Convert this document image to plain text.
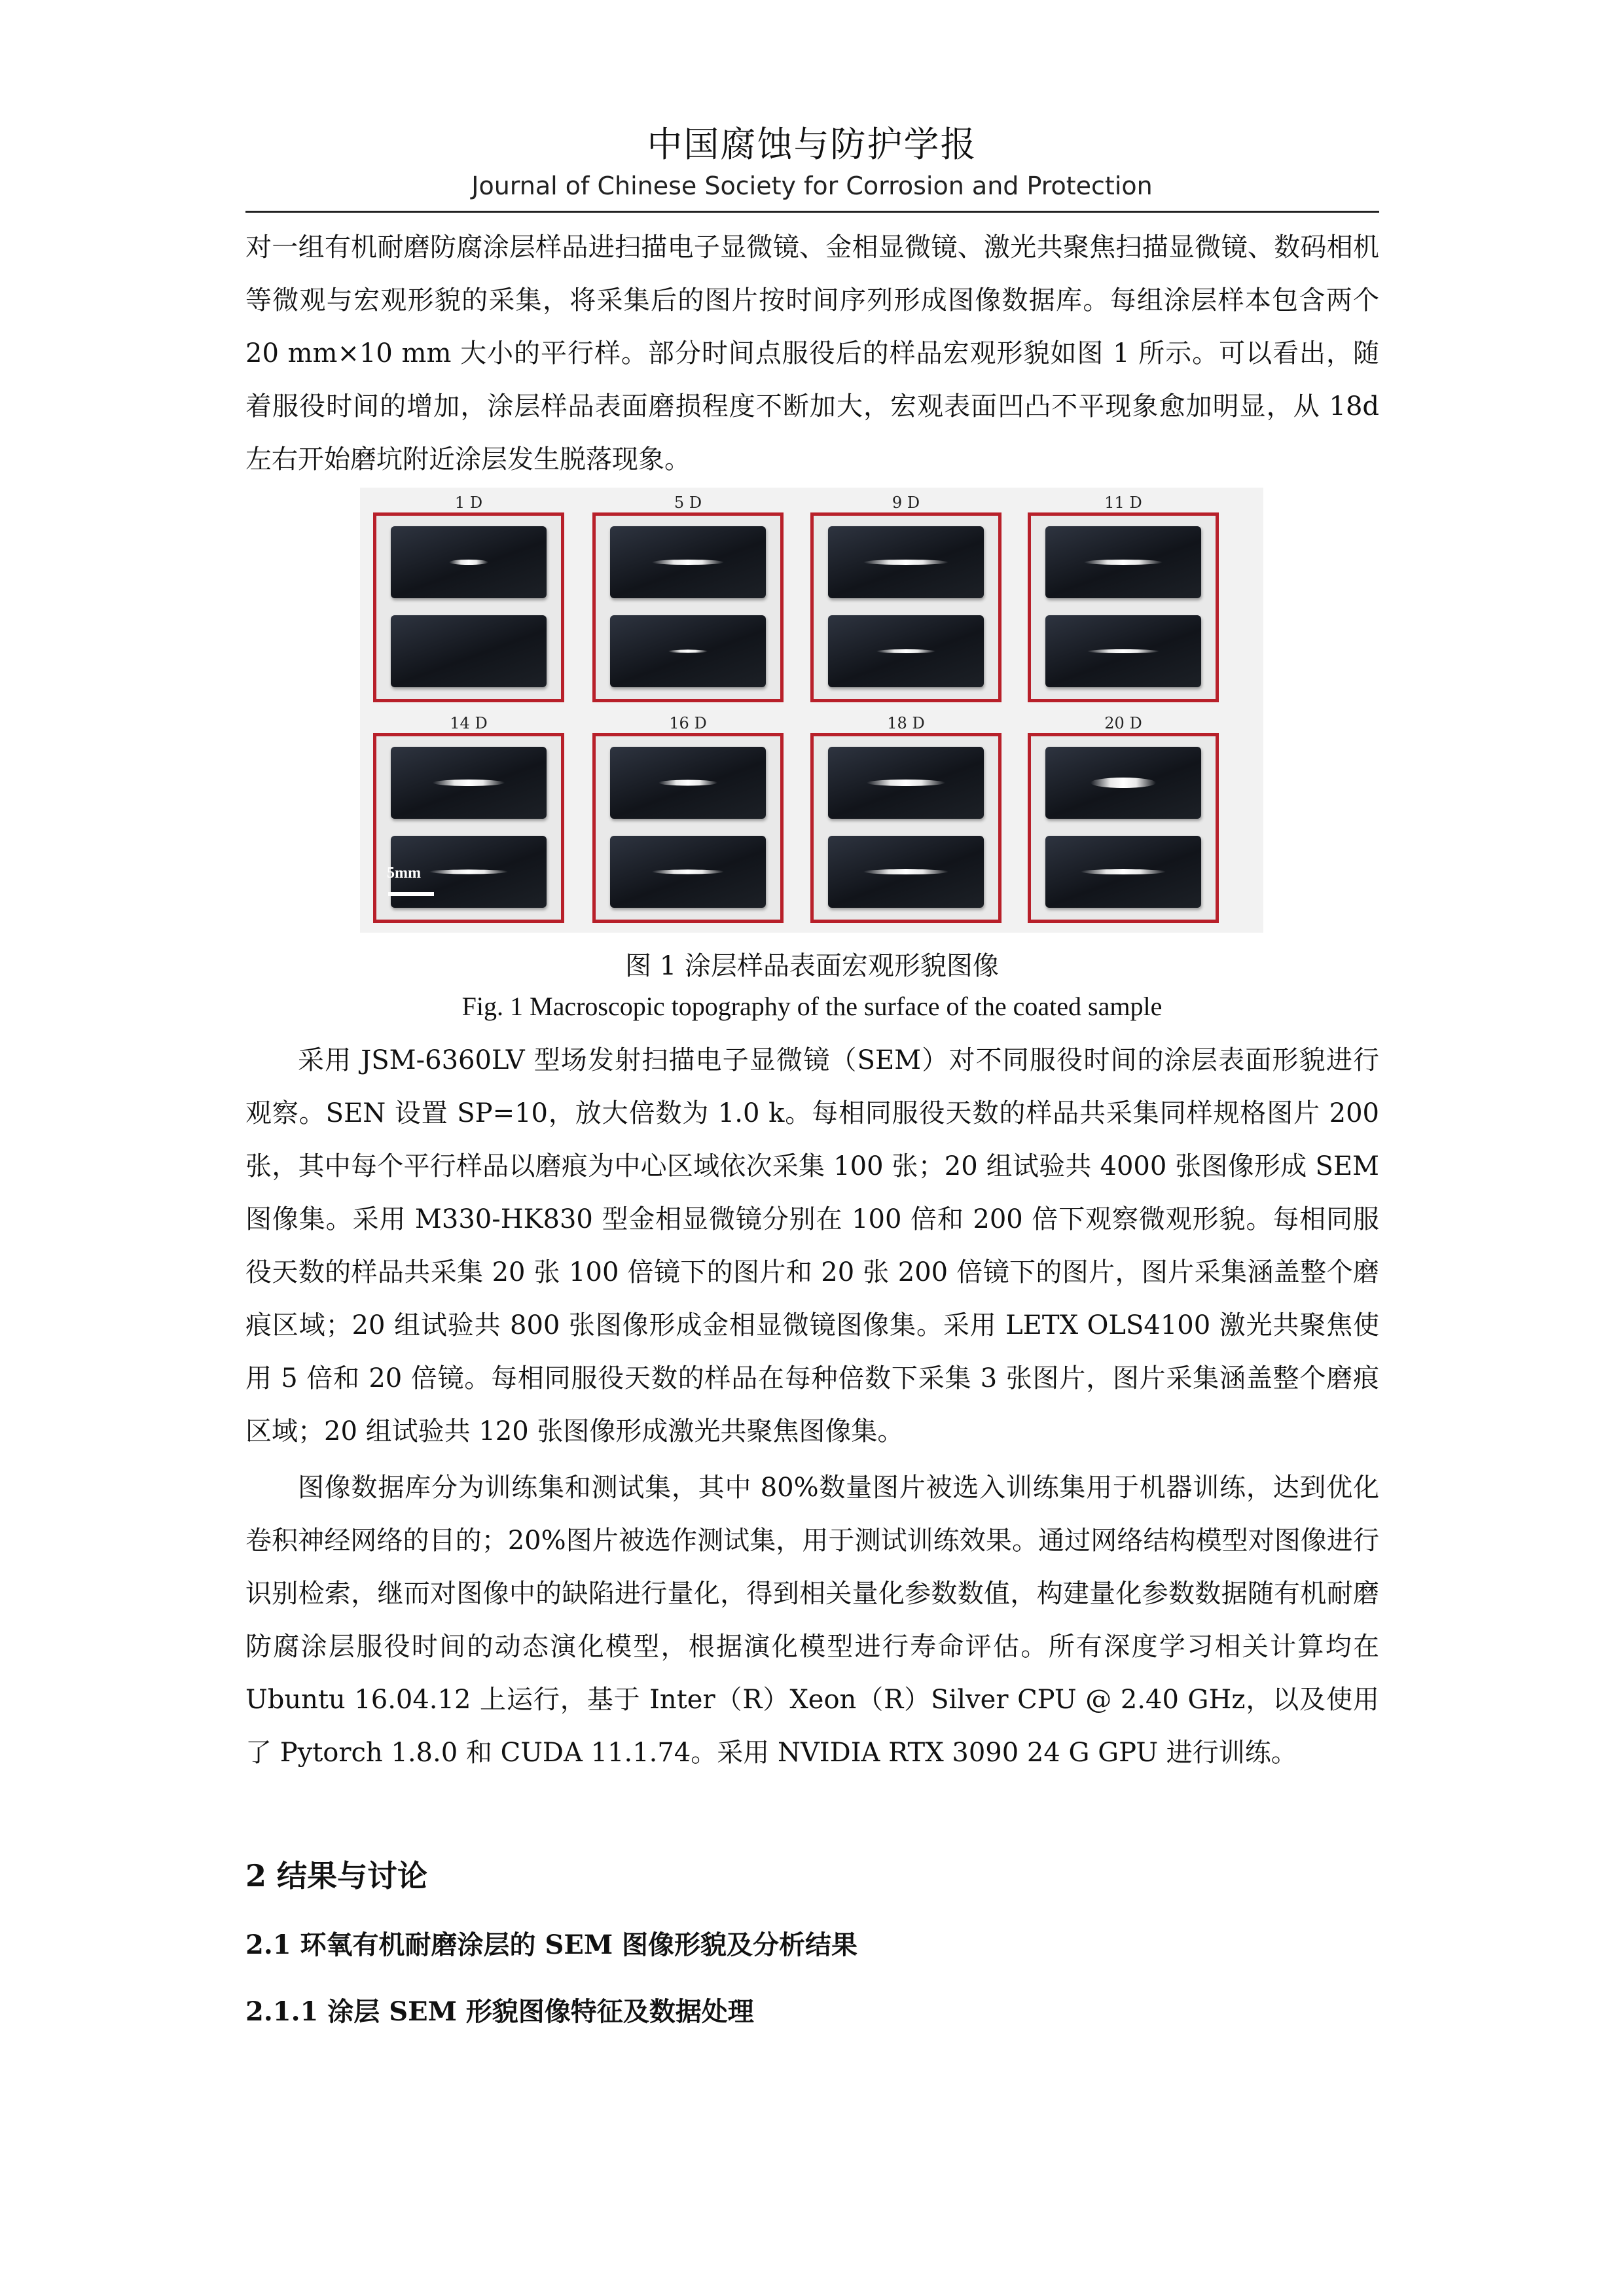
中国腐蚀与防护学报
Journal of Chinese Society for Corrosion and Protection

对一组有机耐磨防腐涂层样品进扫描电子显微镜、金相显微镜、激光共聚焦扫描显微镜、数码相机等微观与宏观形貌的采集，将采集后的图片按时间序列形成图像数据库。每组涂层样本包含两个 20 mm×10 mm 大小的平行样。部分时间点服役后的样品宏观形貌如图 1 所示。可以看出，随着服役时间的增加，涂层样品表面磨损程度不断加大，宏观表面凹凸不平现象愈加明显，从 18d 左右开始磨坑附近涂层发生脱落现象。

1 D	5 D	9 D	11 D
14 D
5mm
16 D	18 D	20 D
图 1 涂层样品表面宏观形貌图像
Fig. 1 Macroscopic topography of the surface of the coated sample

采用 JSM-6360LV 型场发射扫描电子显微镜（SEM）对不同服役时间的涂层表面形貌进行观察。SEN 设置 SP=10，放大倍数为 1.0 k。每相同服役天数的样品共采集同样规格图片 200 张，其中每个平行样品以磨痕为中心区域依次采集 100 张；20 组试验共 4000 张图像形成 SEM 图像集。采用 M330-HK830 型金相显微镜分别在 100 倍和 200 倍下观察微观形貌。每相同服役天数的样品共采集 20 张 100 倍镜下的图片和 20 张 200 倍镜下的图片，图片采集涵盖整个磨痕区域；20 组试验共 800 张图像形成金相显微镜图像集。采用 LETX OLS4100 激光共聚焦使用 5 倍和 20 倍镜。每相同服役天数的样品在每种倍数下采集 3 张图片，图片采集涵盖整个磨痕区域；20 组试验共 120 张图像形成激光共聚焦图像集。

图像数据库分为训练集和测试集，其中 80%数量图片被选入训练集用于机器训练，达到优化卷积神经网络的目的；20%图片被选作测试集，用于测试训练效果。通过网络结构模型对图像进行识别检索，继而对图像中的缺陷进行量化，得到相关量化参数数值，构建量化参数数据随有机耐磨防腐涂层服役时间的动态演化模型，根据演化模型进行寿命评估。所有深度学习相关计算均在 Ubuntu 16.04.12 上运行，基于 Inter（R）Xeon（R）Silver CPU @ 2.40 GHz，以及使用了 Pytorch 1.8.0 和 CUDA 11.1.74。采用 NVIDIA RTX 3090 24 G GPU 进行训练。

2 结果与讨论
2.1 环氧有机耐磨涂层的 SEM 图像形貌及分析结果
2.1.1 涂层 SEM 形貌图像特征及数据处理
